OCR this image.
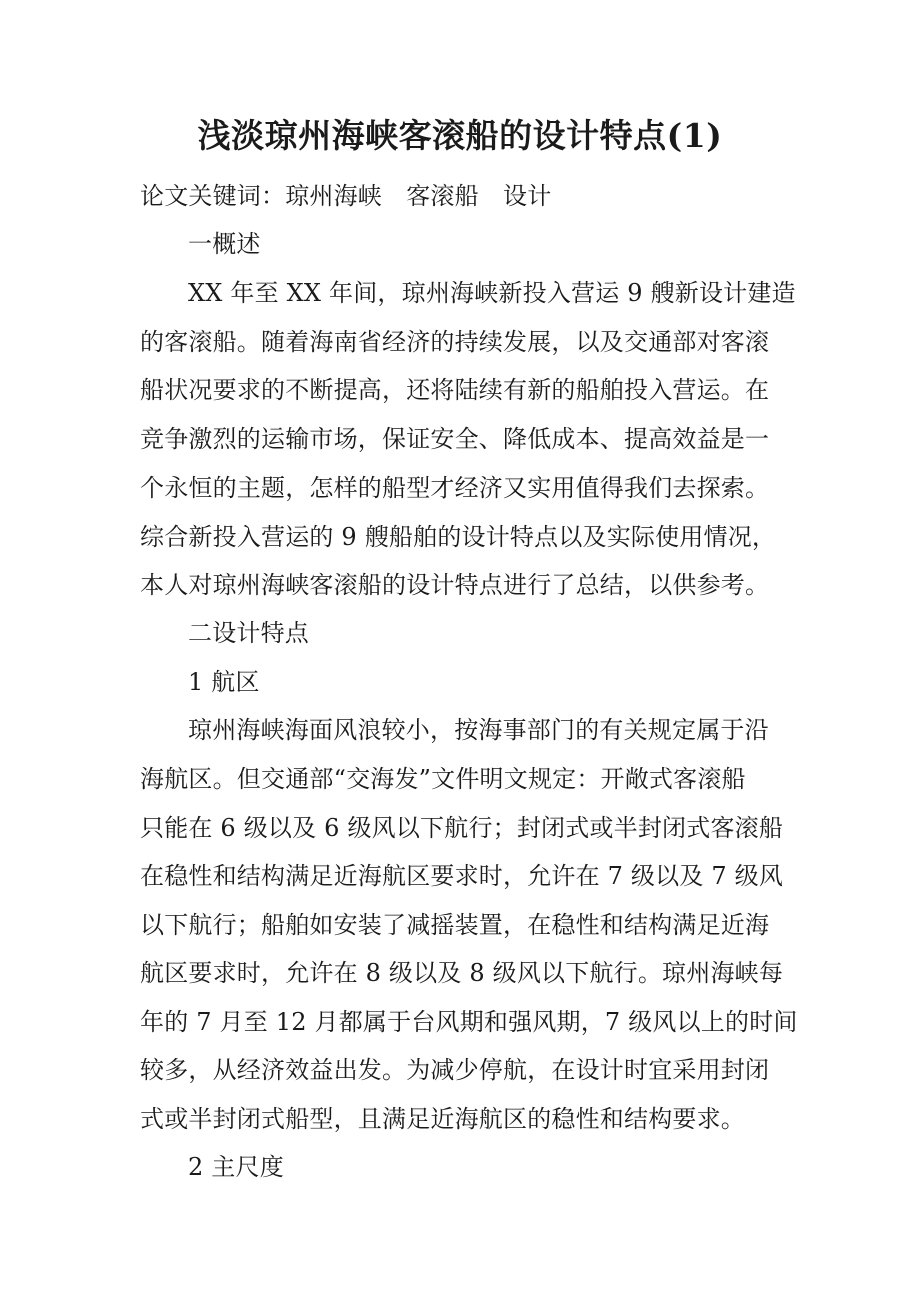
浅淡琼州海峡客滚船的设计特点(1)
论文关键词：琼州海峡　客滚船　设计
一概述
XX 年至 XX 年间，琼州海峡新投入营运 9 艘新设计建造
的客滚船。随着海南省经济的持续发展，以及交通部对客滚
船状况要求的不断提高，还将陆续有新的船舶投入营运。在
竞争激烈的运输市场，保证安全、降低成本、提高效益是一
个永恒的主题，怎样的船型才经济又实用值得我们去探索。
综合新投入营运的 9 艘船舶的设计特点以及实际使用情况，
本人对琼州海峡客滚船的设计特点进行了总结，以供参考。
二设计特点
1 航区
琼州海峡海面风浪较小，按海事部门的有关规定属于沿
海航区。但交通部“交海发”文件明文规定：开敞式客滚船
只能在 6 级以及 6 级风以下航行；封闭式或半封闭式客滚船
在稳性和结构满足近海航区要求时，允许在 7 级以及 7 级风
以下航行；船舶如安装了减摇装置，在稳性和结构满足近海
航区要求时，允许在 8 级以及 8 级风以下航行。琼州海峡每
年的 7 月至 12 月都属于台风期和强风期，7 级风以上的时间
较多，从经济效益出发。为减少停航，在设计时宜采用封闭
式或半封闭式船型，且满足近海航区的稳性和结构要求。
2 主尺度
